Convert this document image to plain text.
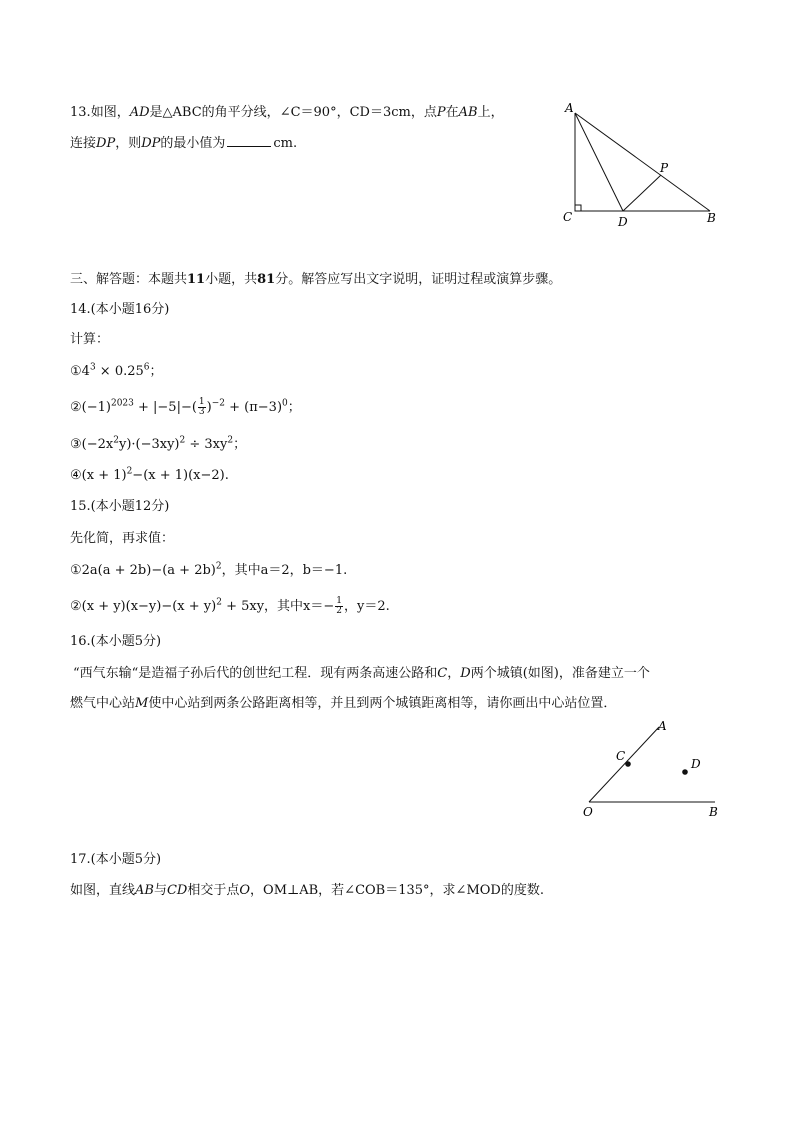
13.如图，AD是△ABC的角平分线，∠C＝90°，CD＝3cm，点P在AB上，
连接DP，则DP的最小值为	cm.
A
C	D	B
P
三、解答题：本题共11小题，共81分。解答应写出文字说明，证明过程或演算步骤。
14.(本小题16分)
计算：
$①4^3 \times 0.25^6$；
$②(-1)^{2023} + |-5|-( \frac{1}{3} )^{-2} + (\pi-3)^0$；
$③(-2x^2y)\cdot(-3xy)^2 \div 3xy^2$；
④(x + 1)$^2$−(x + 1)(x−2).
15.(本小题12分)
先化简，再求值：
①2a(a + $2b)-(a + 2b)^2$，其中a＝2，b＝−1.
②(x + $y)(x-y)-(x + y)^2 + 5xy$，其中$x=- \frac{1}{2}$ ，y＝2.
16.(本小题5分)
“西气东输“是造福子孙后代的创世纪工程．现有两条高速公路和C，D两个城镇(如图)，准备建立一个
燃气中心站M使中心站到两条公路距离相等，并且到两个城镇距离相等，请你画出中心站位置．
A
C
D
O	B
17.(本小题5分)
如图，直线AB与CD相交于点O，OM⊥AB，若∠COB＝135°，求∠MOD的度数.
